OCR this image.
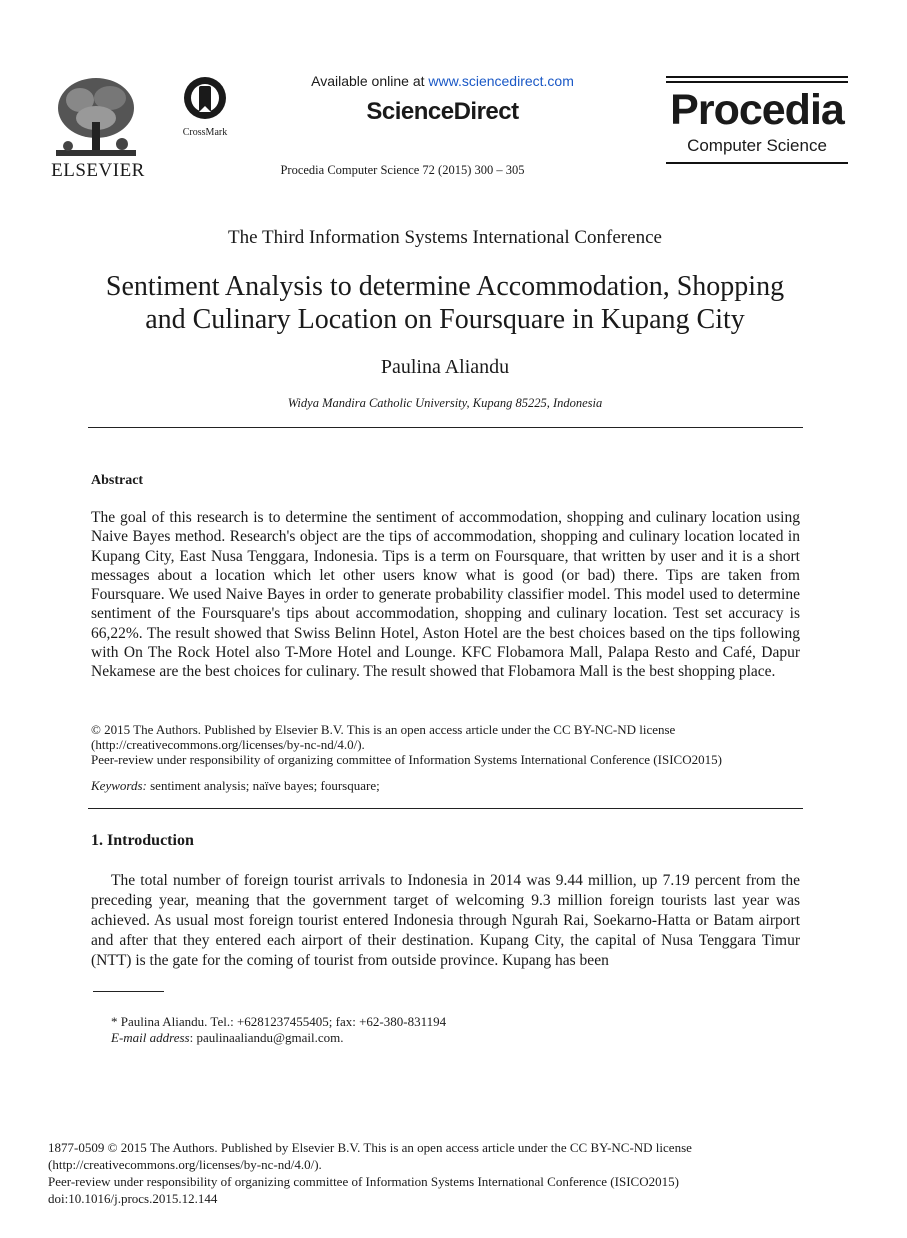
ELSEVIER
CrossMark
Available online at www.sciencedirect.com
ScienceDirect
Procedia Computer Science 72 (2015) 300 – 305
Procedia
Computer Science
The Third Information Systems International Conference
Sentiment Analysis to determine Accommodation, Shopping
and Culinary Location on Foursquare in Kupang City
Paulina Aliandu
Widya Mandira Catholic University, Kupang 85225, Indonesia
Abstract
The goal of this research is to determine the sentiment of accommodation, shopping and culinary location using Naive Bayes method. Research's object are the tips of accommodation, shopping and culinary location located in Kupang City, East Nusa Tenggara, Indonesia. Tips is a term on Foursquare, that written by user and it is a short messages about a location which let other users know what is good (or bad) there. Tips are taken from Foursquare. We used Naive Bayes in order to generate probability classifier model. This model used to determine sentiment of the Foursquare's tips about accommodation, shopping and culinary location. Test set accuracy is 66,22%. The result showed that Swiss Belinn Hotel, Aston Hotel are the best choices based on the tips following with On The Rock Hotel also T-More Hotel and Lounge. KFC Flobamora Mall, Palapa Resto and Café, Dapur Nekamese are the best choices for culinary. The result showed that Flobamora Mall is the best shopping place.
© 2015 The Authors. Published by Elsevier B.V. This is an open access article under the CC BY-NC-ND license
(http://creativecommons.org/licenses/by-nc-nd/4.0/).
Peer-review under responsibility of organizing committee of Information Systems International Conference (ISICO2015)
Keywords: sentiment analysis; naïve bayes; foursquare;
1. Introduction
The total number of foreign tourist arrivals to Indonesia in 2014 was 9.44 million, up 7.19 percent from the preceding year, meaning that the government target of welcoming 9.3 million foreign tourists last year was achieved. As usual most foreign tourist entered Indonesia through Ngurah Rai, Soekarno-Hatta or Batam airport and after that they entered each airport of their destination. Kupang City, the capital of Nusa Tenggara Timur (NTT) is the gate for the coming of tourist from outside province. Kupang has been
* Paulina Aliandu. Tel.: +6281237455405; fax: +62-380-831194
E-mail address: paulinaaliandu@gmail.com.
1877-0509 © 2015 The Authors. Published by Elsevier B.V. This is an open access article under the CC BY-NC-ND license
(http://creativecommons.org/licenses/by-nc-nd/4.0/).
Peer-review under responsibility of organizing committee of Information Systems International Conference (ISICO2015)
doi:10.1016/j.procs.2015.12.144
